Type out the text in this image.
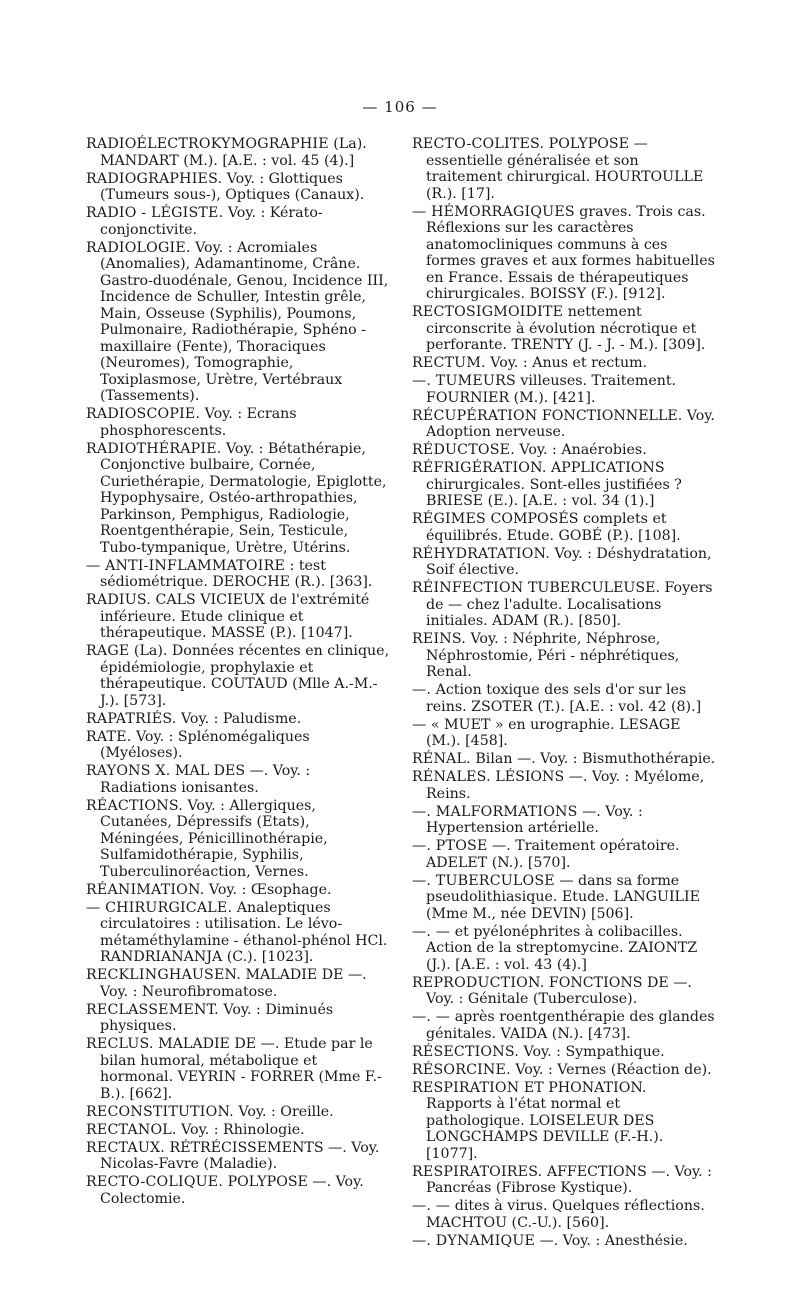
— 106 —

RADIOÉLECTROKYMOGRAPHIE (La). MANDART (M.). [A.E. : vol. 45 (4).]

RADIOGRAPHIES. Voy. : Glottiques (Tumeurs sous-), Optiques (Canaux).

RADIO - LÉGISTE. Voy. : Kérato-conjonctivite.

RADIOLOGIE. Voy. : Acromiales (Anomalies), Adamantinome, Crâne. Gastro-duodénale, Genou, Incidence III, Incidence de Schuller, Intestin grêle, Main, Osseuse (Syphilis), Poumons, Pulmonaire, Radiothérapie, Sphéno - maxillaire (Fente), Thoraciques (Neuromes), Tomographie, Toxiplasmose, Urètre, Vertébraux (Tassements).

RADIOSCOPIE. Voy. : Ecrans phosphorescents.

RADIOTHÉRAPIE. Voy. : Bétathérapie, Conjonctive bulbaire, Cornée, Curiethérapie, Dermatologie, Epiglotte, Hypophysaire, Ostéo-arthropathies, Parkinson, Pemphigus, Radiologie, Roentgenthérapie, Sein, Testicule, Tubo-tympanique, Urètre, Utérins.

— ANTI-INFLAMMATOIRE : test sédiométrique. DEROCHE (R.). [363].

RADIUS. CALS VICIEUX de l'extrémité inférieure. Etude clinique et thérapeutique. MASSE (P.). [1047].

RAGE (La). Données récentes en clinique, épidémiologie, prophylaxie et thérapeutique. COUTAUD (Mlle A.-M.-J.). [573].

RAPATRIÉS. Voy. : Paludisme.

RATE. Voy. : Splénomégaliques (Myéloses).

RAYONS X. MAL DES —. Voy. : Radiations ionisantes.

RÉACTIONS. Voy. : Allergiques, Cutanées, Dépressifs (Etats), Méningées, Pénicillinothérapie, Sulfamidothérapie, Syphilis, Tuberculinoréaction, Vernes.

RÉANIMATION. Voy. : Œsophage.

— CHIRURGICALE. Analeptiques circulatoires : utilisation. Le lévo-métaméthylamine - éthanol-phénol HCl. RANDRIANANJA (C.). [1023].

RECKLINGHAUSEN. MALADIE DE —. Voy. : Neurofibromatose.

RECLASSEMENT. Voy. : Diminués physiques.

RECLUS. MALADIE DE —. Etude par le bilan humoral, métabolique et hormonal. VEYRIN - FORRER (Mme F.-B.). [662].

RECONSTITUTION. Voy. : Oreille.

RECTANOL. Voy. : Rhinologie.

RECTAUX. RÉTRÉCISSEMENTS —. Voy. Nicolas-Favre (Maladie).

RECTO-COLIQUE. POLYPOSE —. Voy. Colectomie.

RECTO-COLITES. POLYPOSE — essentielle généralisée et son traitement chirurgical. HOURTOULLE (R.). [17].

— HÉMORRAGIQUES graves. Trois cas. Réflexions sur les caractères anatomocliniques communs à ces formes graves et aux formes habituelles en France. Essais de thérapeutiques chirurgicales. BOISSY (F.). [912].

RECTOSIGMOIDITE nettement circonscrite à évolution nécrotique et perforante. TRENTY (J. - J. - M.). [309].

RECTUM. Voy. : Anus et rectum.

—. TUMEURS villeuses. Traitement. FOURNIER (M.). [421].

RÉCUPÉRATION FONCTIONNELLE. Voy. Adoption nerveuse.

RÉDUCTOSE. Voy. : Anaérobies.

RÉFRIGÉRATION. APPLICATIONS chirurgicales. Sont-elles justifiées ? BRIESE (E.). [A.E. : vol. 34 (1).]

RÉGIMES COMPOSÉS complets et équilibrés. Etude. GOBÉ (P.). [108].

RÉHYDRATATION. Voy. : Déshydratation, Soif élective.

RÉINFECTION TUBERCULEUSE. Foyers de — chez l'adulte. Localisations initiales. ADAM (R.). [850].

REINS. Voy. : Néphrite, Néphrose, Néphrostomie, Péri - néphrétiques, Renal.

—. Action toxique des sels d'or sur les reins. ZSOTER (T.). [A.E. : vol. 42 (8).]

— « MUET » en urographie. LESAGE (M.). [458].

RÉNAL. Bilan —. Voy. : Bismuthothérapie.

RÉNALES. LÉSIONS —. Voy. : Myélome, Reins.

—. MALFORMATIONS —. Voy. : Hypertension artérielle.

—. PTOSE —. Traitement opératoire. ADELET (N.). [570].

—. TUBERCULOSE — dans sa forme pseudolithiasique. Etude. LANGUILIE (Mme M., née DEVIN) [506].

—. — et pyélonéphrites à colibacilles. Action de la streptomycine. ZAIONTZ (J.). [A.E. : vol. 43 (4).]

REPRODUCTION. FONCTIONS DE —. Voy. : Génitale (Tuberculose).

—. — après roentgenthérapie des glandes génitales. VAIDA (N.). [473].

RÉSECTIONS. Voy. : Sympathique.

RÉSORCINE. Voy. : Vernes (Réaction de).

RESPIRATION ET PHONATION. Rapports à l'état normal et pathologique. LOISELEUR DES LONGCHAMPS DEVILLE (F.-H.). [1077].

RESPIRATOIRES. AFFECTIONS —. Voy. : Pancréas (Fibrose Kystique).

—. — dites à virus. Quelques réflections. MACHTOU (C.-U.). [560].

—. DYNAMIQUE —. Voy. : Anesthésie.
